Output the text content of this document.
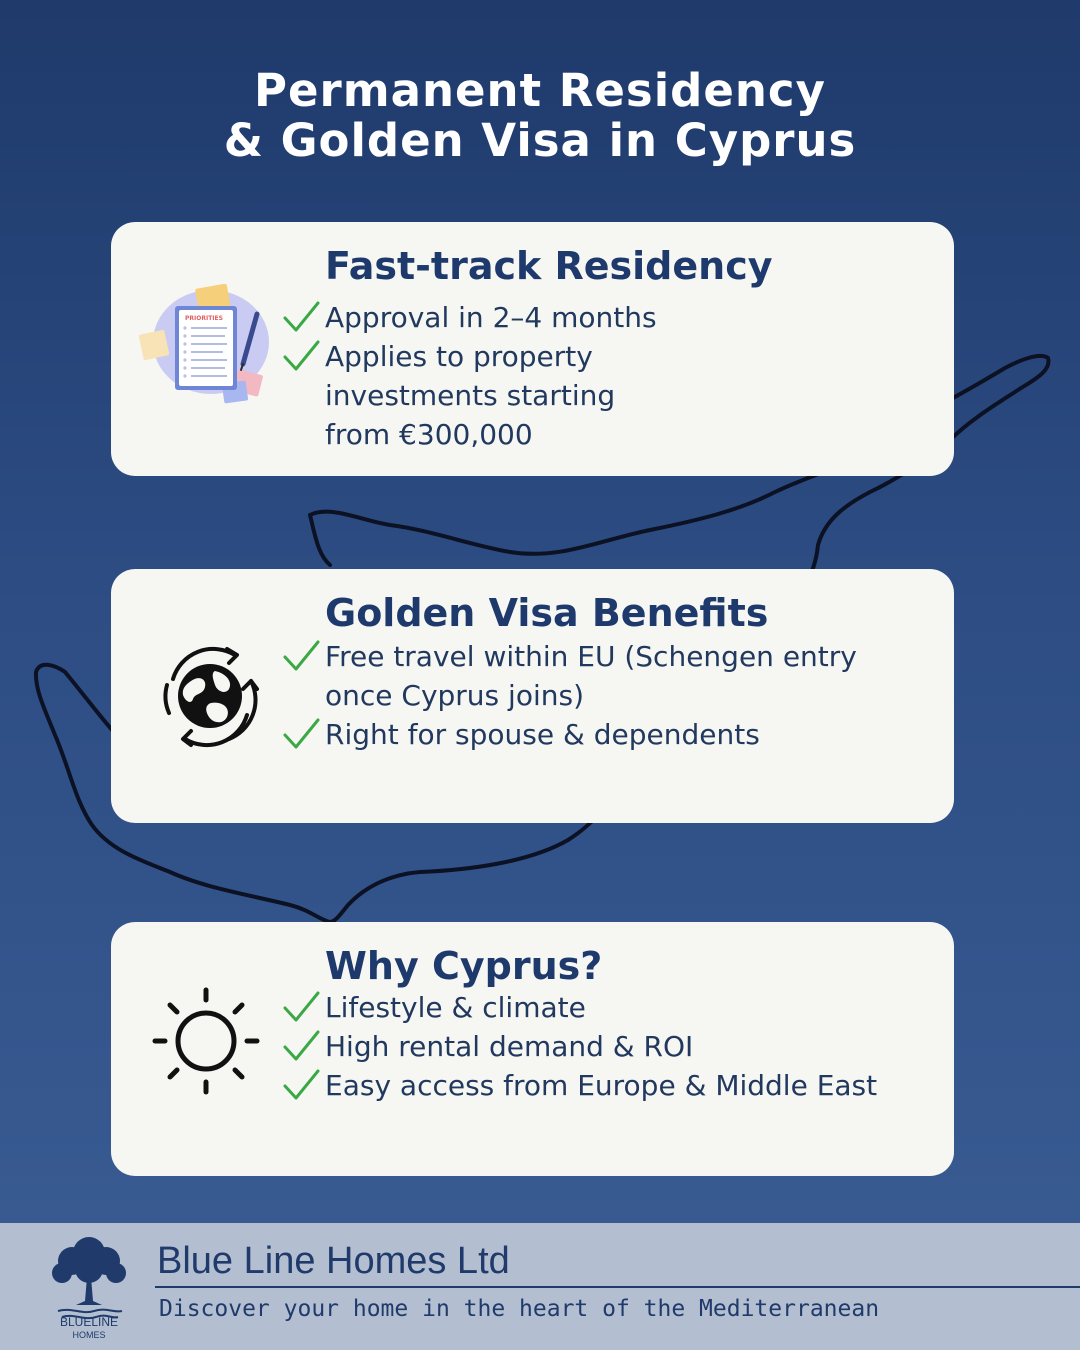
Permanent Residency
& Golden Visa in Cyprus
PRIORITIES
Fast-track Residency
Approval in 2–4 months
Applies to property investments starting from €300,000
Golden Visa Benefits
Free travel within EU (Schengen entry once Cyprus joins)
Right for spouse & dependents
Why Cyprus?
Lifestyle & climate
High rental demand & ROI
Easy access from Europe & Middle East
BLUELINE
HOMES
Blue Line Homes Ltd
Discover your home in the heart of the Mediterranean
